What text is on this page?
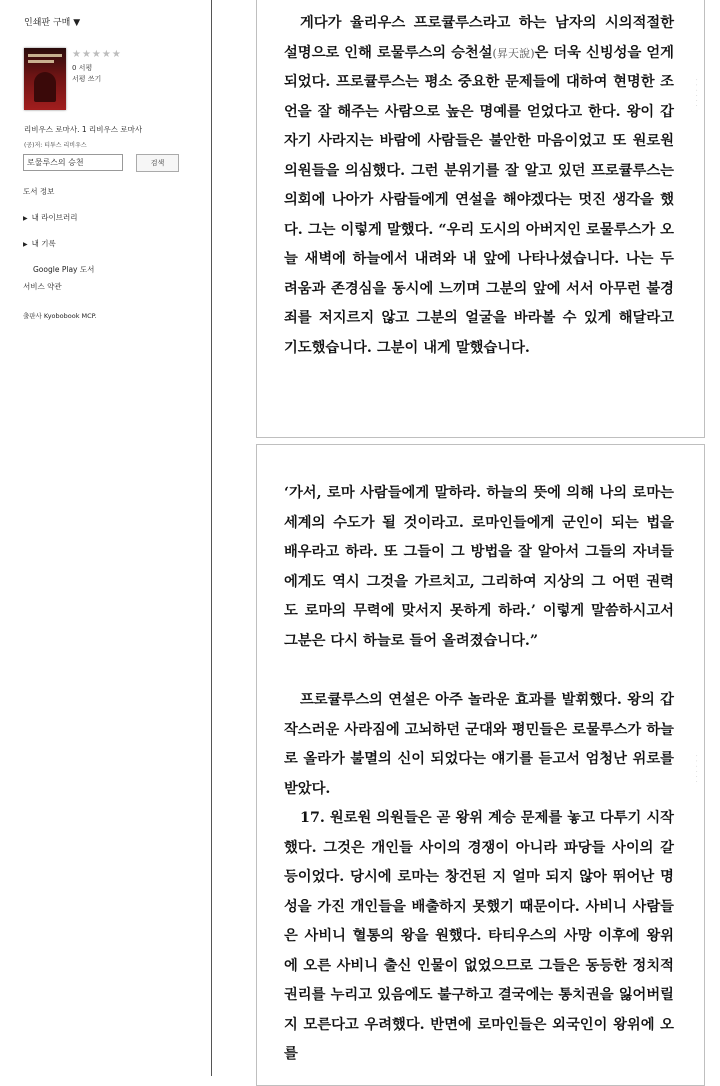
인쇄판 구매 ▼
★★★★★
0 서평
서평 쓰기
리비우스 로마사. 1 리비우스 로마사
(공)저: 티투스 리비우스
로물루스의 승천
검색
도서 정보
▶ 내 라이브러리
▶ 내 기록
Google Play 도서
서비스 약관
출판사 Kyobobook MCP.

게다가 율리우스 프로큘루스라고 하는 남자의 시의적절한 설명으로 인해 로물루스의 승천설(昇天說)은 더욱 신빙성을 얻게 되었다. 프로큘루스는 평소 중요한 문제들에 대하여 현명한 조언을 잘 해주는 사람으로 높은 명예를 얻었다고 한다. 왕이 갑자기 사라지는 바람에 사람들은 불안한 마음이었고 또 원로원 의원들을 의심했다. 그런 분위기를 잘 알고 있던 프로큘루스는 의회에 나아가 사람들에게 연설을 해야겠다는 멋진 생각을 했다. 그는 이렇게 말했다. “우리 도시의 아버지인 로물루스가 오늘 새벽에 하늘에서 내려와 내 앞에 나타나셨습니다. 나는 두려움과 존경심을 동시에 느끼며 그분의 앞에 서서 아무런 불경죄를 저지르지 않고 그분의 얼굴을 바라볼 수 있게 해달라고 기도했습니다. 그분이 내게 말했습니다.

· · · · · ·

‘가서, 로마 사람들에게 말하라. 하늘의 뜻에 의해 나의 로마는 세계의 수도가 될 것이라고. 로마인들에게 군인이 되는 법을 배우라고 하라. 또 그들이 그 방법을 잘 알아서 그들의 자녀들에게도 역시 그것을 가르치고, 그리하여 지상의 그 어떤 권력도 로마의 무력에 맞서지 못하게 하라.’ 이렇게 말씀하시고서 그분은 다시 하늘로 들어 올려졌습니다.”

프로큘루스의 연설은 아주 놀라운 효과를 발휘했다. 왕의 갑작스러운 사라짐에 고뇌하던 군대와 평민들은 로물루스가 하늘로 올라가 불멸의 신이 되었다는 얘기를 듣고서 엄청난 위로를 받았다.

17. 원로원 의원들은 곧 왕위 계승 문제를 놓고 다투기 시작했다. 그것은 개인들 사이의 경쟁이 아니라 파당들 사이의 갈등이었다. 당시에 로마는 창건된 지 얼마 되지 않아 뛰어난 명성을 가진 개인들을 배출하지 못했기 때문이다. 사비니 사람들은 사비니 혈통의 왕을 원했다. 타티우스의 사망 이후에 왕위에 오른 사비니 출신 인물이 없었으므로 그들은 동등한 정치적 권리를 누리고 있음에도 불구하고 결국에는 통치권을 잃어버릴지 모른다고 우려했다. 반면에 로마인들은 외국인이 왕위에 오를

· · · · · ·
